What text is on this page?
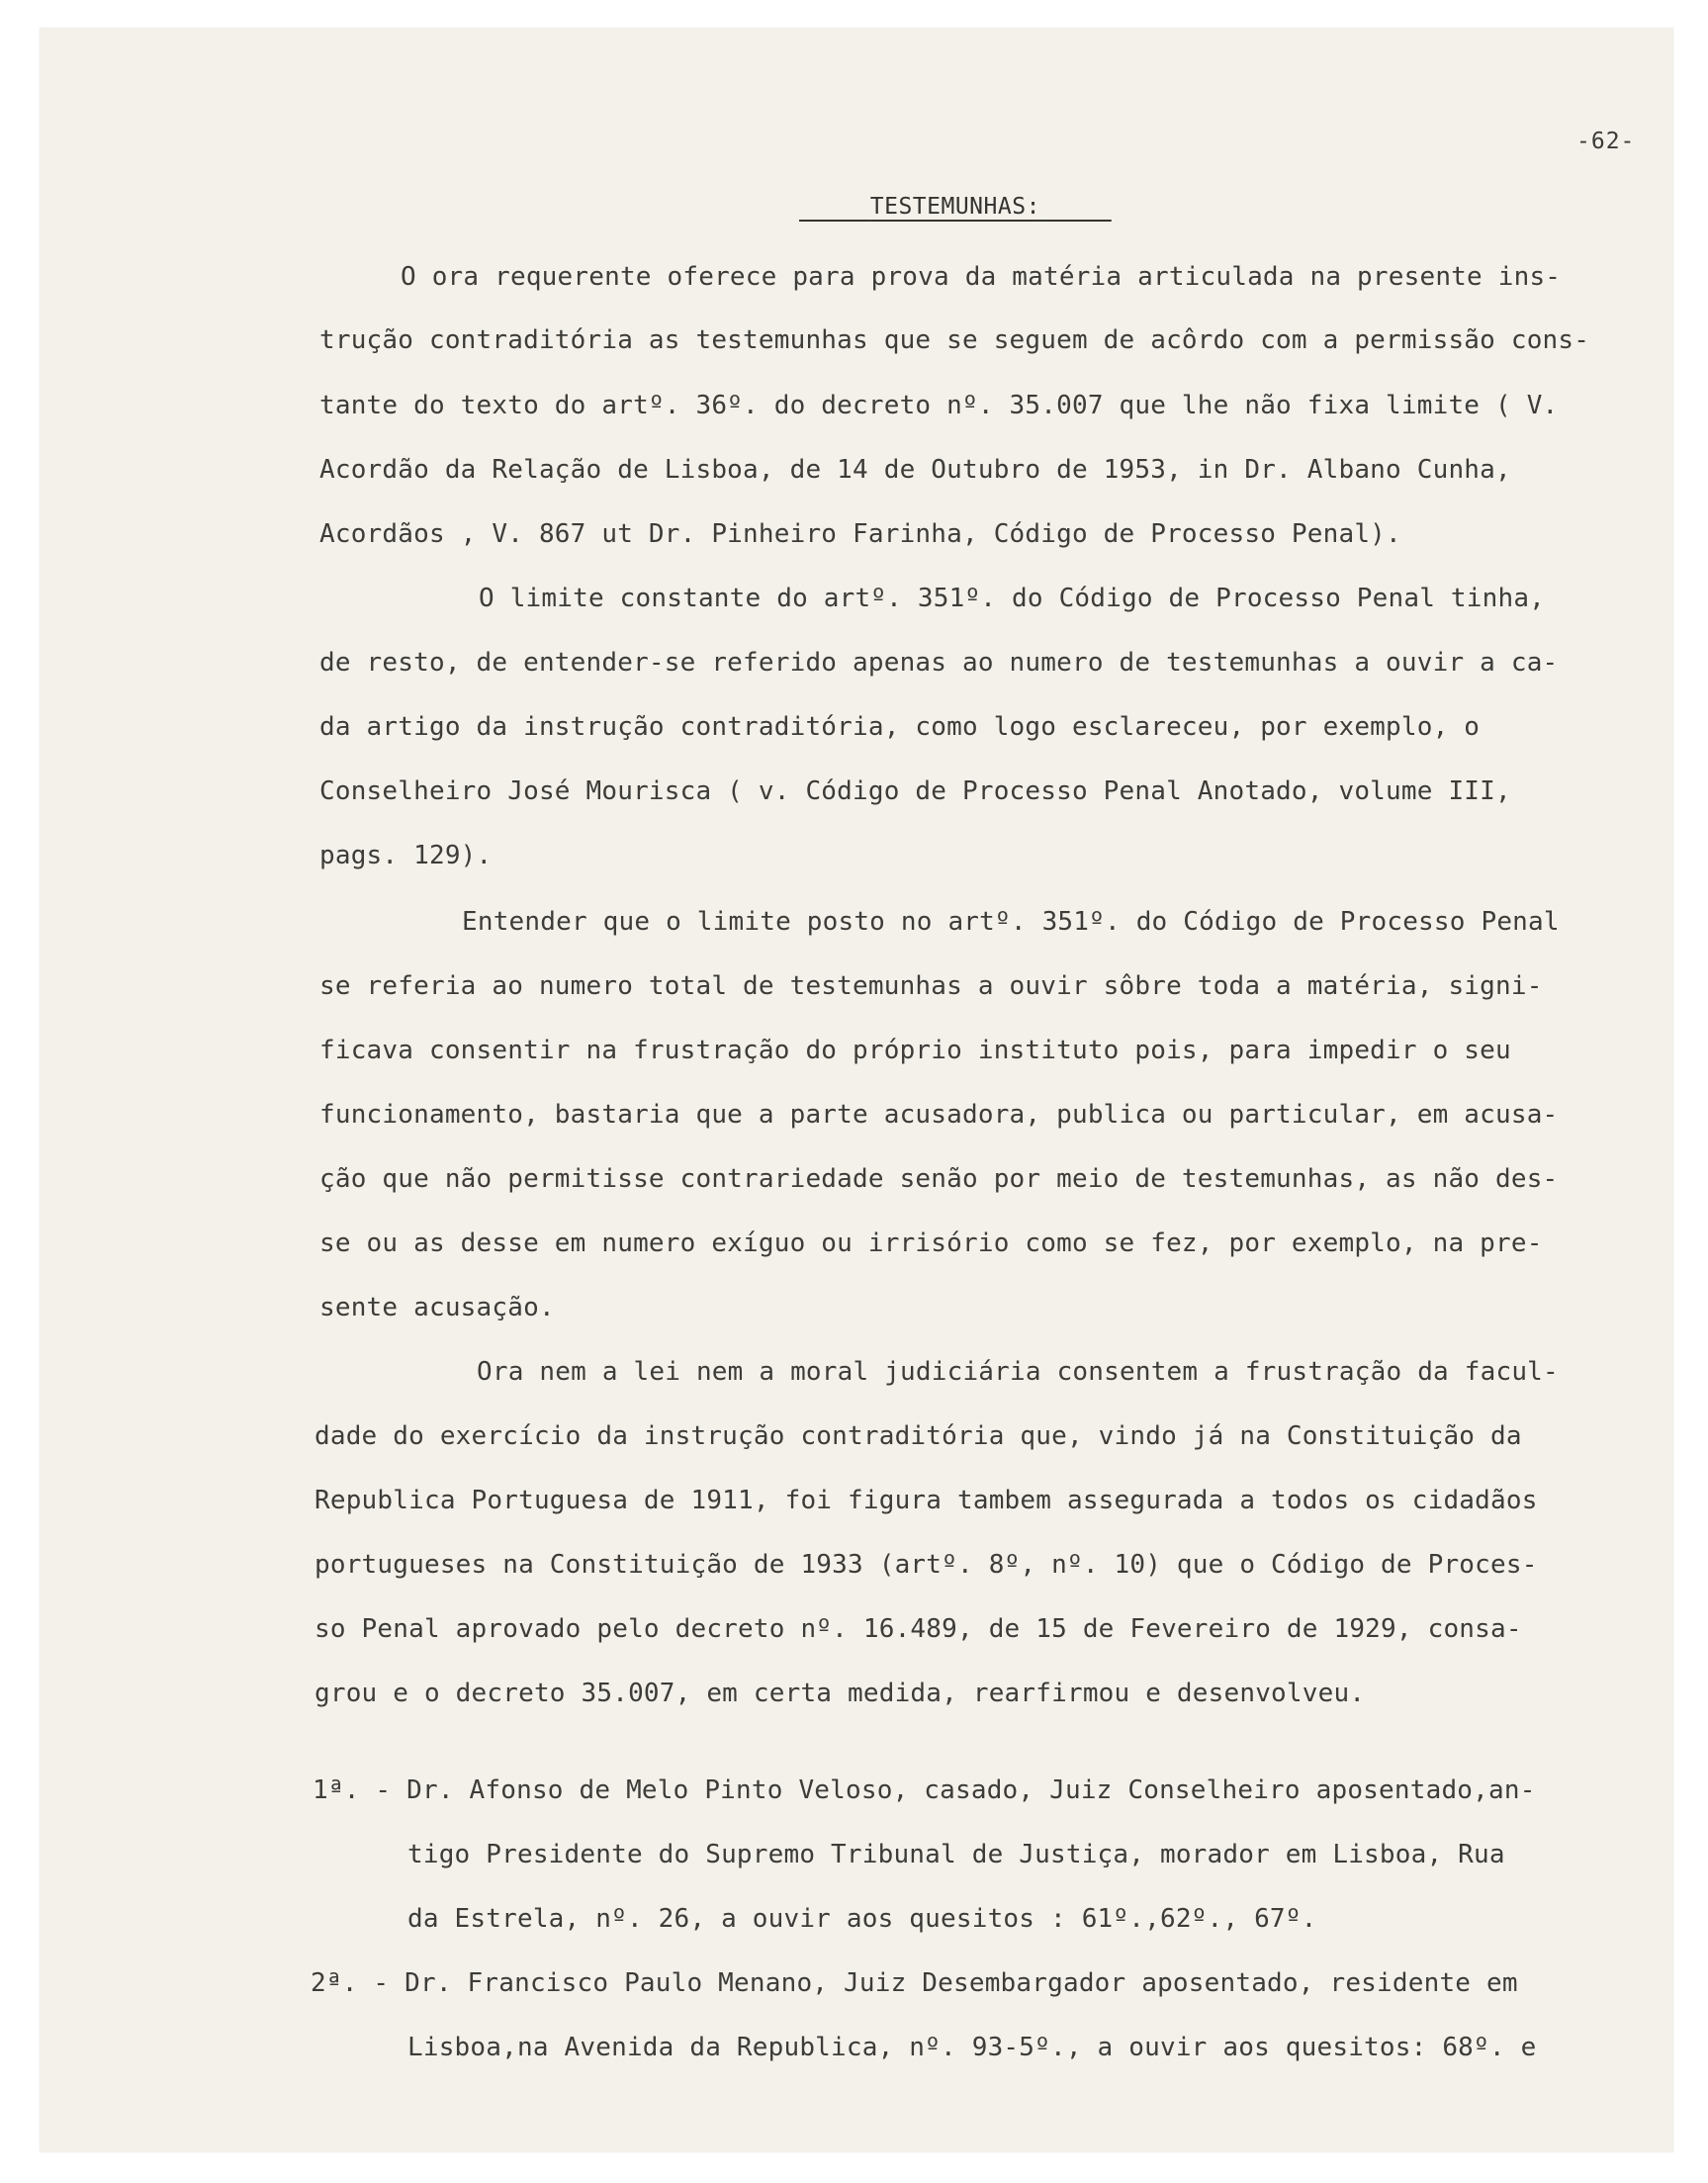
-62-
TESTEMUNHAS:
O ora requerente oferece para prova da matéria articulada na presente ins-
trução contraditória as testemunhas que se seguem de acôrdo com a permissão cons-
tante do texto do artº. 36º. do decreto nº. 35.007 que lhe não fixa limite ( V.
Acordão da Relação de Lisboa, de 14 de Outubro de 1953, in Dr. Albano Cunha,
Acordãos , V. 867 ut Dr. Pinheiro Farinha, Código de Processo Penal).
O limite constante do artº. 351º. do Código de Processo Penal tinha,
de resto, de entender-se referido apenas ao numero de testemunhas a ouvir a ca-
da artigo da instrução contraditória, como logo esclareceu, por exemplo, o
Conselheiro José Mourisca ( v. Código de Processo Penal Anotado, volume III,
pags. 129).
Entender que o limite posto no artº. 351º. do Código de Processo Penal
se referia ao numero total de testemunhas a ouvir sôbre toda a matéria, signi-
ficava consentir na frustração do próprio instituto pois, para impedir o seu
funcionamento, bastaria que a parte acusadora, publica ou particular, em acusa-
ção que não permitisse contrariedade senão por meio de testemunhas, as não des-
se ou as desse em numero exíguo ou irrisório como se fez, por exemplo, na pre-
sente acusação.
Ora nem a lei nem a moral judiciária consentem a frustração da facul-
dade do exercício da instrução contraditória que, vindo já na Constituição da
Republica Portuguesa de 1911, foi figura tambem assegurada a todos os cidadãos
portugueses na Constituição de 1933 (artº. 8º, nº. 10) que o Código de Proces-
so Penal aprovado pelo decreto nº. 16.489, de 15 de Fevereiro de 1929, consa-
grou e o decreto 35.007, em certa medida, rearfirmou e desenvolveu.
1ª. - Dr. Afonso de Melo Pinto Veloso, casado, Juiz Conselheiro aposentado,an-
tigo Presidente do Supremo Tribunal de Justiça, morador em Lisboa, Rua
da Estrela, nº. 26, a ouvir aos quesitos : 61º.,62º., 67º.
2ª. - Dr. Francisco Paulo Menano, Juiz Desembargador aposentado, residente em
Lisboa,na Avenida da Republica, nº. 93-5º., a ouvir aos quesitos: 68º. e
